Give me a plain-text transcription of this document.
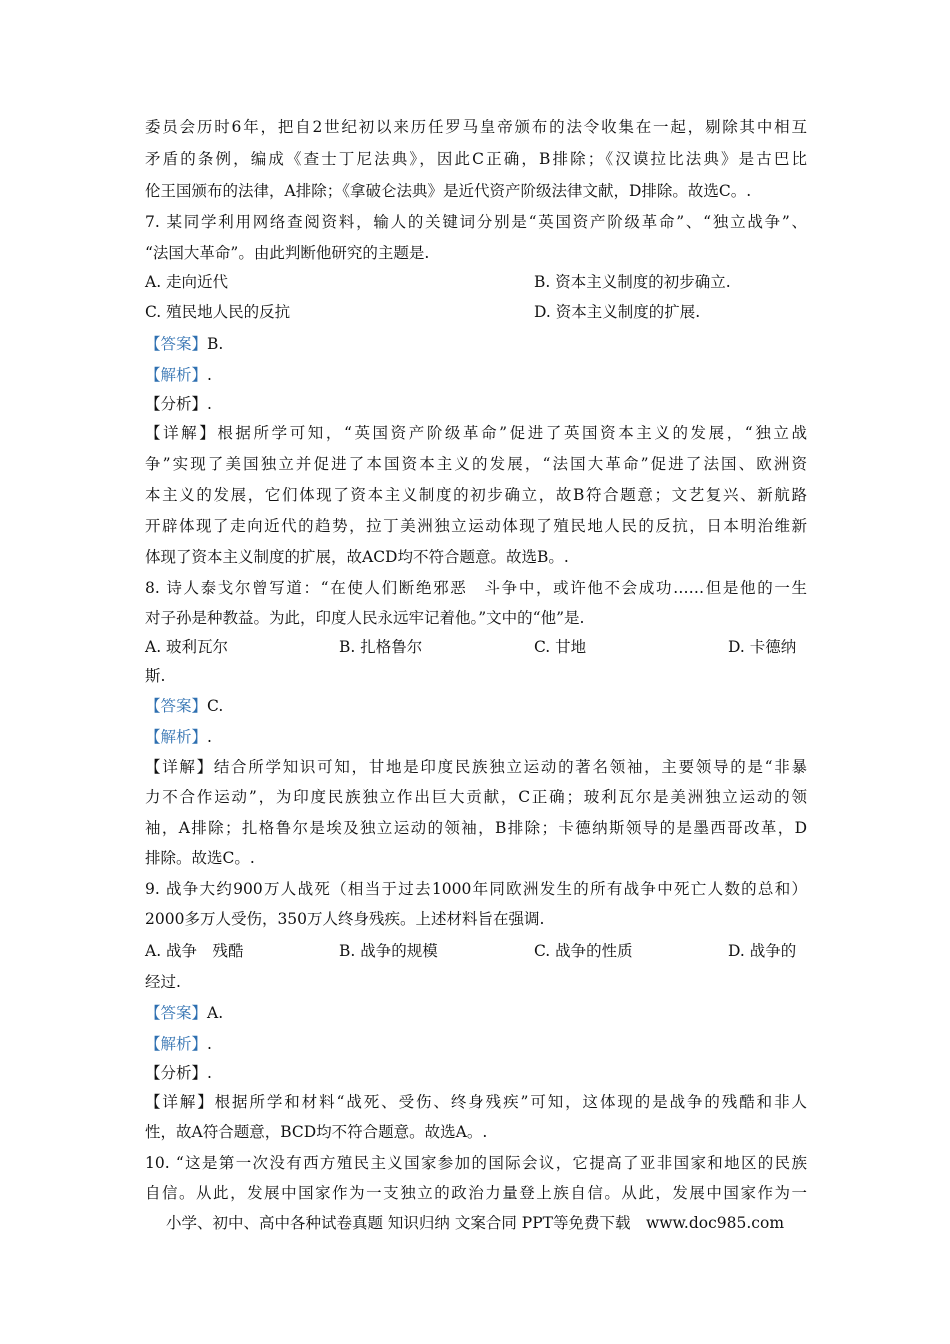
委员会历时6年，把自2世纪初以来历任罗马皇帝颁布的法令收集在一起，剔除其中相互
矛盾的条例，编成《查士丁尼法典》，因此C正确，B排除；《汉谟拉比法典》是古巴比
伦王国颁布的法律，A排除；《拿破仑法典》是近代资产阶级法律文献，D排除。故选C。.
7. 某同学利用网络查阅资料，输人的关键词分别是“英国资产阶级革命”、“独立战争”、
“法国大革命”。由此判断他研究的主题是.
A. 走向近代	B. 资本主义制度的初步确立.
C. 殖民地人民的反抗	D. 资本主义制度的扩展.
【答案】B.
【解析】.
【分析】.
【详解】根据所学可知，“英国资产阶级革命”促进了英国资本主义的发展，“独立战
争”实现了美国独立并促进了本国资本主义的发展，“法国大革命”促进了法国、欧洲资
本主义的发展，它们体现了资本主义制度的初步确立，故B符合题意；文艺复兴、新航路
开辟体现了走向近代的趋势，拉丁美洲独立运动体现了殖民地人民的反抗，日本明治维新
体现了资本主义制度的扩展，故ACD均不符合题意。故选B。.
8. 诗人泰戈尔曾写道：“在使人们断绝邪恶　斗争中，或许他不会成功……但是他的一生
对子孙是种教益。为此，印度人民永远牢记着他。”文中的“他”是.
A. 玻利瓦尔	B. 扎格鲁尔	C. 甘地	D. 卡德纳
斯.
【答案】C.
【解析】.
【详解】结合所学知识可知，甘地是印度民族独立运动的著名领袖，主要领导的是“非暴
力不合作运动”，为印度民族独立作出巨大贡献，C正确；玻利瓦尔是美洲独立运动的领
袖，A排除；扎格鲁尔是埃及独立运动的领袖，B排除；卡德纳斯领导的是墨西哥改革，D
排除。故选C。.
9. 战争大约900万人战死（相当于过去1000年同欧洲发生的所有战争中死亡人数的总和）
2000多万人受伤，350万人终身残疾。上述材料旨在强调.
A. 战争　残酷	B. 战争的规模	C. 战争的性质	D. 战争的
经过.
【答案】A.
【解析】.
【分析】.
【详解】根据所学和材料“战死、受伤、终身残疾”可知，这体现的是战争的残酷和非人
性，故A符合题意，BCD均不符合题意。故选A。.
10. “这是第一次没有西方殖民主义国家参加的国际会议，它提高了亚非国家和地区的民族
自信。从此，发展中国家作为一支独立的政治力量登上族自信。从此，发展中国家作为一
小学、初中、高中各种试卷真题 知识归纳 文案合同 PPT等免费下载　www.doc985.com
